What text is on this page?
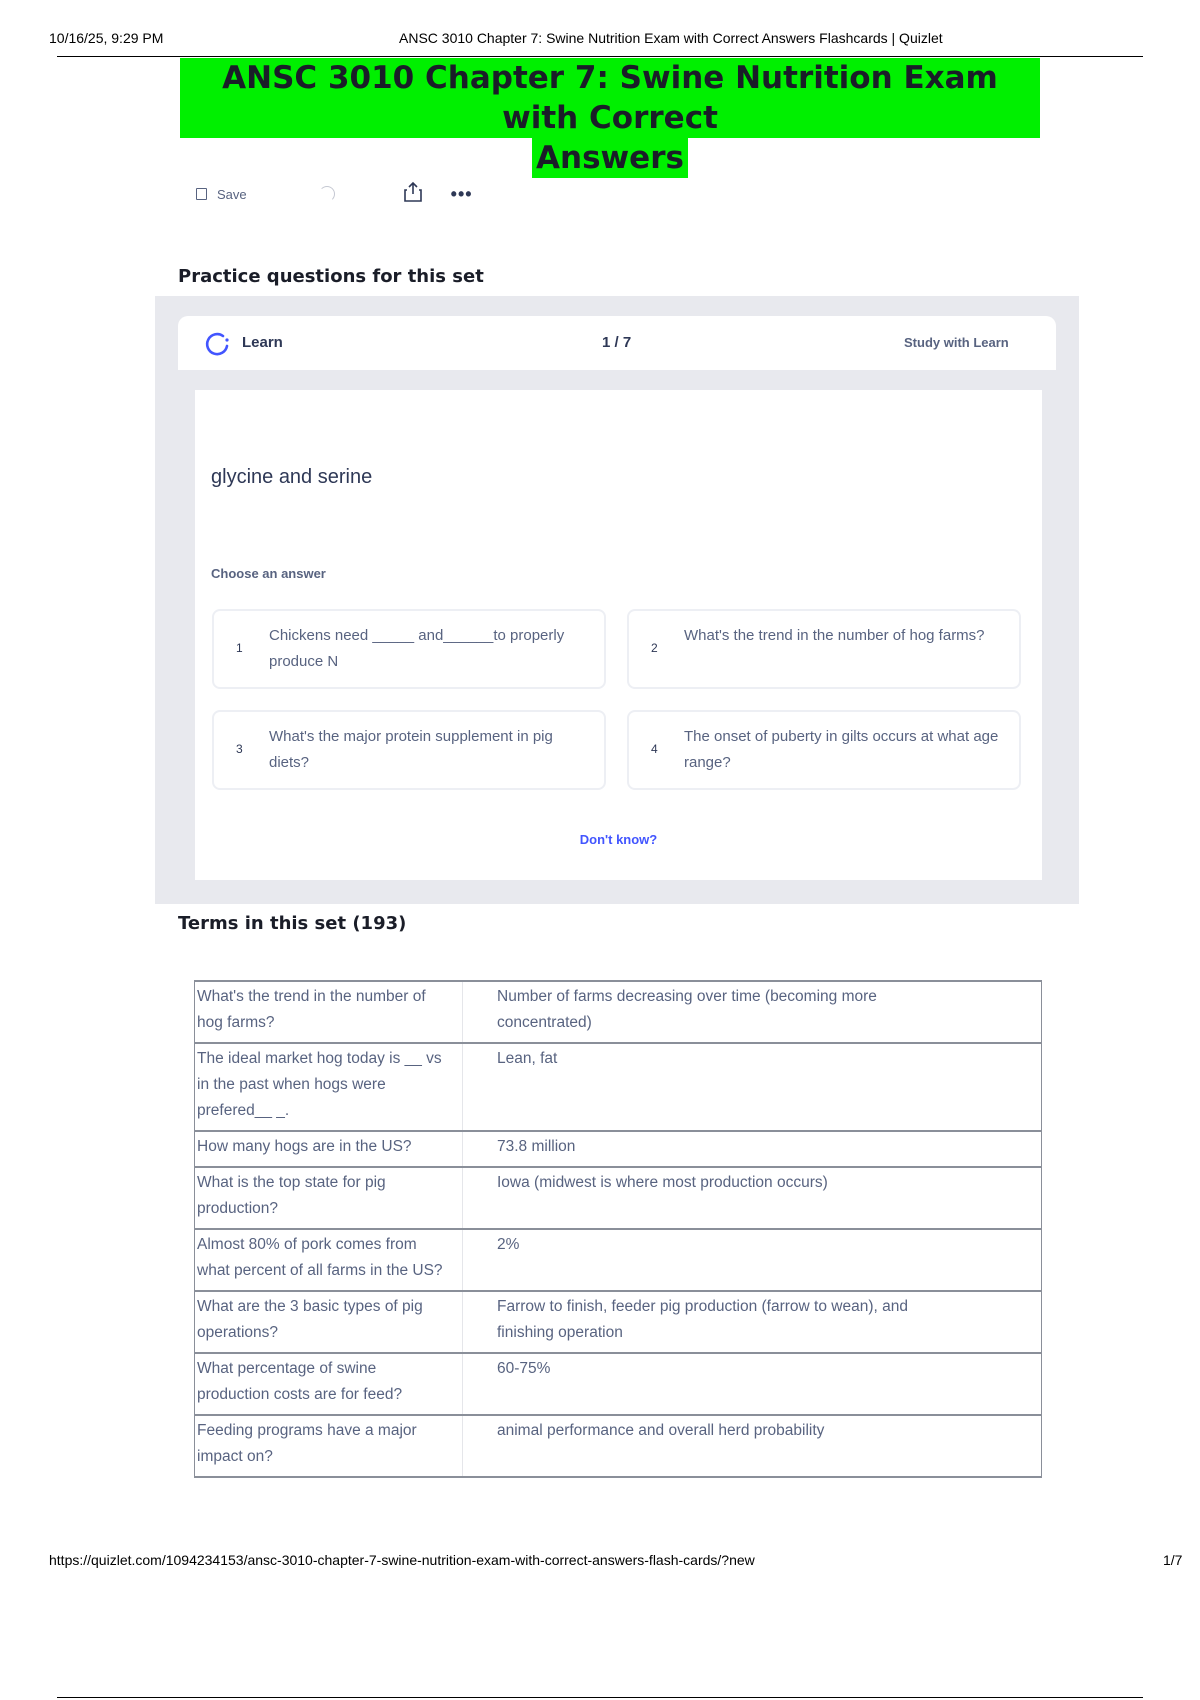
10/16/25, 9:29 PM	ANSC 3010 Chapter 7: Swine Nutrition Exam with Correct Answers Flashcards | Quizlet
ANSC 3010 Chapter 7: Swine Nutrition Exam with Correct
Answers
Save	•••
Practice questions for this set
Learn	1 / 7	Study with Learn
glycine and serine
Choose an answer
1
Chickens need _____ and______to properly produce N
2
What's the trend in the number of hog farms?
3
What's the major protein supplement in pig diets?
4
The onset of puberty in gilts occurs at what age range?
Don't know?
Terms in this set (193)
What's the trend in the number of hog farms?	Number of farms decreasing over time (becoming more concentrated)
The ideal market hog today is __ vs in the past when hogs were prefered__ _.	Lean, fat
How many hogs are in the US?	73.8 million
What is the top state for pig production?	Iowa (midwest is where most production occurs)
Almost 80% of pork comes from what percent of all farms in the US?	2%
What are the 3 basic types of pig operations?	Farrow to finish, feeder pig production (farrow to wean), and finishing operation
What percentage of swine production costs are for feed?	60-75%
Feeding programs have a major impact on?	animal performance and overall herd probability
https://quizlet.com/1094234153/ansc-3010-chapter-7-swine-nutrition-exam-with-correct-answers-flash-cards/?new	1/7
